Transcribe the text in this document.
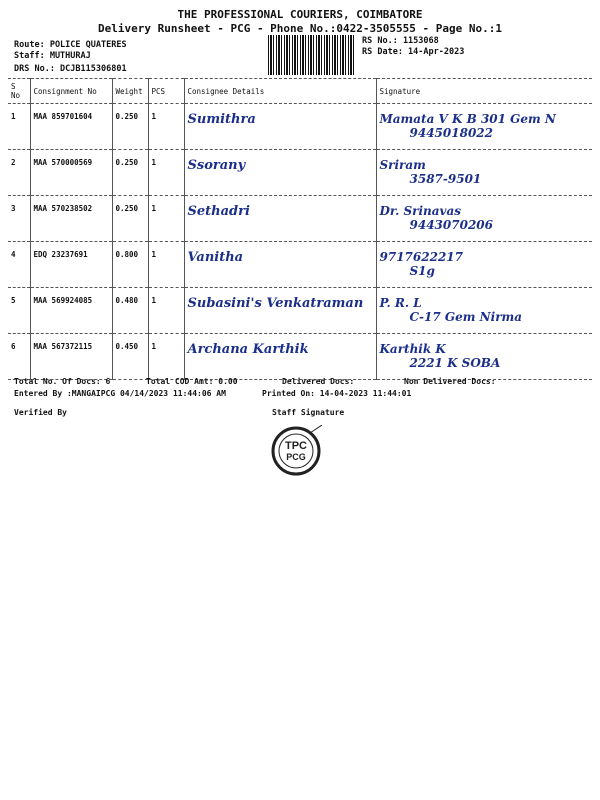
THE PROFESSIONAL COURIERS, COIMBATORE
Delivery Runsheet - PCG - Phone No.:0422-3505555 - Page No.:1
Route: POLICE QUATERES
Staff: MUTHURAJ
DRS No.: DCJB115306801
RS No.: 1153068
RS Date: 14-Apr-2023
S No	Consignment No	Weight	PCS	Consignee Details	Signature
1	MAA 859701604	0.250	1	Sumithra	Mamata V K B 301 Gem N
9445018022

2	MAA 570000569	0.250	1	Ssorany	Sriram
3587-9501

3	MAA 570238502	0.250	1	Sethadri	Dr. Srinavas
9443070206

4	EDQ 23237691	0.800	1	Vanitha	9717622217
S1g

5	MAA 569924085	0.480	1	Subasini's Venkatraman	P. R. L
C-17 Gem Nirma

6	MAA 567372115	0.450	1	Archana Karthik	Karthik K
2221 K SOBA
Total No. Of Docs: 6	Total COD Amt: 0.00	Delivered Docs:	Non Delivered Docs:
Entered By :MANGAIPCG 04/14/2023 11:44:06 AM	Printed On: 14-04-2023 11:44:01
Verified By	Staff Signature
TPC
PCG
